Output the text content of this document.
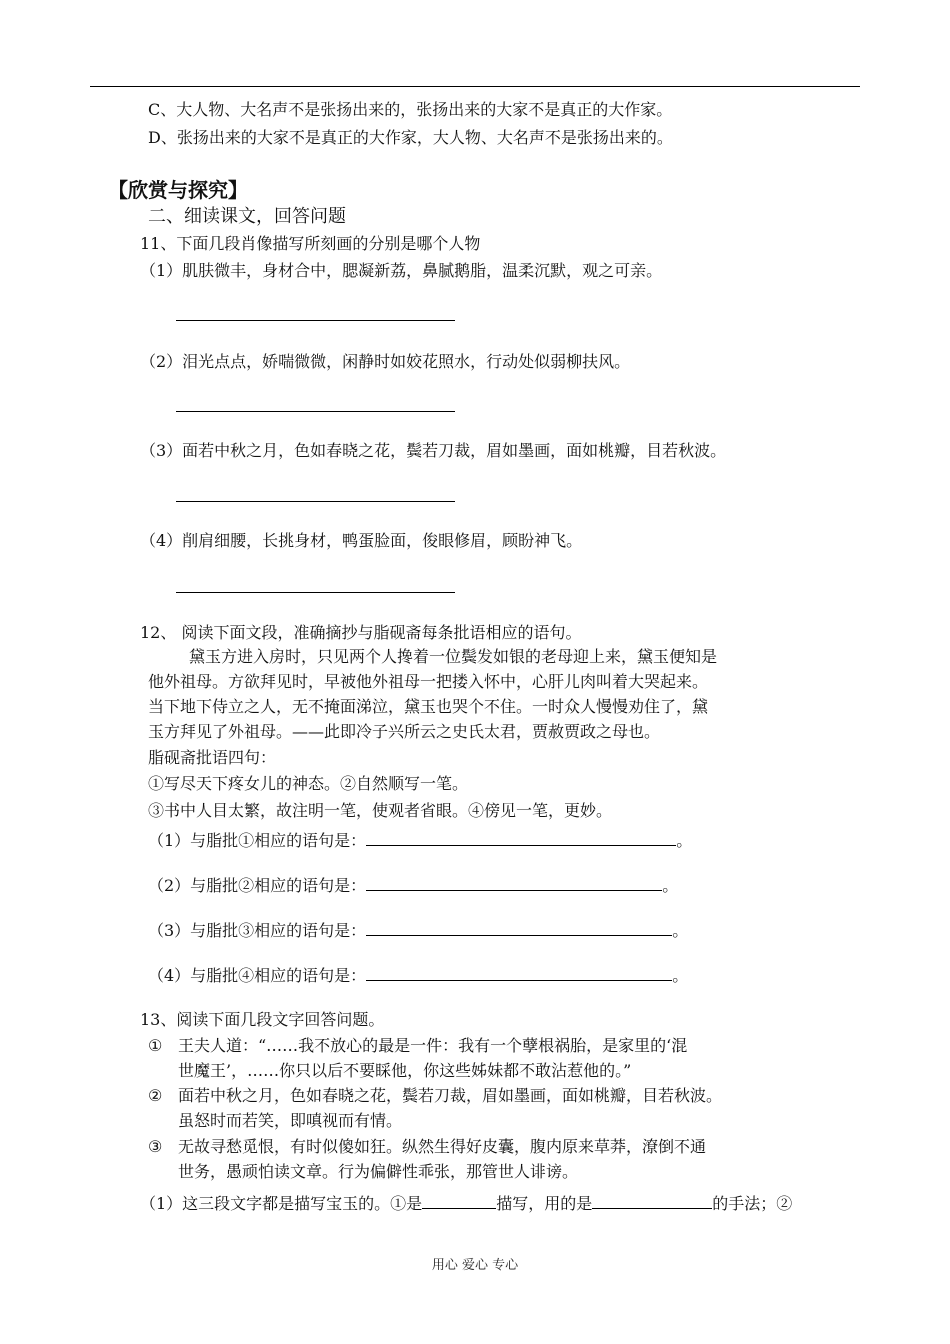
C、大人物、大名声不是张扬出来的，张扬出来的大家不是真正的大作家。
D、张扬出来的大家不是真正的大作家，大人物、大名声不是张扬出来的。
【欣赏与探究】
二、细读课文，回答问题
11、下面几段肖像描写所刻画的分别是哪个人物
（1）肌肤微丰，身材合中，腮凝新荔，鼻腻鹅脂，温柔沉默，观之可亲。
（2）泪光点点，娇喘微微，闲静时如姣花照水，行动处似弱柳扶风。
（3）面若中秋之月，色如春晓之花，鬓若刀裁，眉如墨画，面如桃瓣，目若秋波。
（4）削肩细腰，长挑身材，鸭蛋脸面，俊眼修眉，顾盼神飞。
12、 阅读下面文段，准确摘抄与脂砚斋每条批语相应的语句。
黛玉方进入房时，只见两个人搀着一位鬓发如银的老母迎上来，黛玉便知是
他外祖母。方欲拜见时，早被他外祖母一把搂入怀中，心肝儿肉叫着大哭起来。
当下地下侍立之人，无不掩面涕泣，黛玉也哭个不住。一时众人慢慢劝住了，黛
玉方拜见了外祖母。——此即冷子兴所云之史氏太君，贾赦贾政之母也。
脂砚斋批语四句：
①写尽天下疼女儿的神态。②自然顺写一笔。
③书中人目太繁，故注明一笔，使观者省眼。④傍见一笔，更妙。
（1）与脂批①相应的语句是：	。
（2）与脂批②相应的语句是：	。
（3）与脂批③相应的语句是：	。
（4）与脂批④相应的语句是：	。
13、阅读下面几段文字回答问题。
① 王夫人道：“……我不放心的最是一件：我有一个孽根祸胎，是家里的‘混
世魔王’，……你只以后不要睬他，你这些姊妹都不敢沾惹他的。”
② 面若中秋之月，色如春晓之花，鬓若刀裁，眉如墨画，面如桃瓣，目若秋波。
虽怒时而若笑，即嗔视而有情。
③ 无故寻愁觅恨，有时似傻如狂。纵然生得好皮囊，腹内原来草莽，潦倒不通
世务，愚顽怕读文章。行为偏僻性乖张，那管世人诽谤。
（1）这三段文字都是描写宝玉的。①是	描写，用的是	的手法；②
用心 爱心 专心
